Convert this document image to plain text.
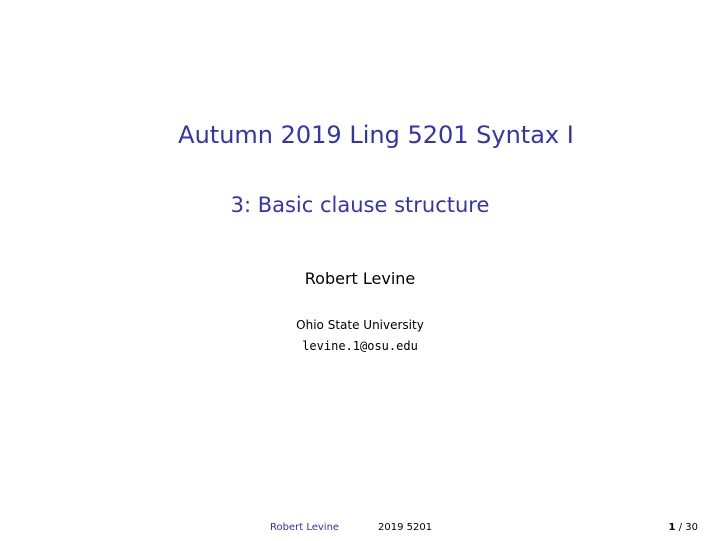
Autumn 2019 Ling 5201 Syntax I
3: Basic clause structure
Robert Levine
Ohio State University
levine.1@osu.edu
Robert Levine	2019 5201	1 / 30
